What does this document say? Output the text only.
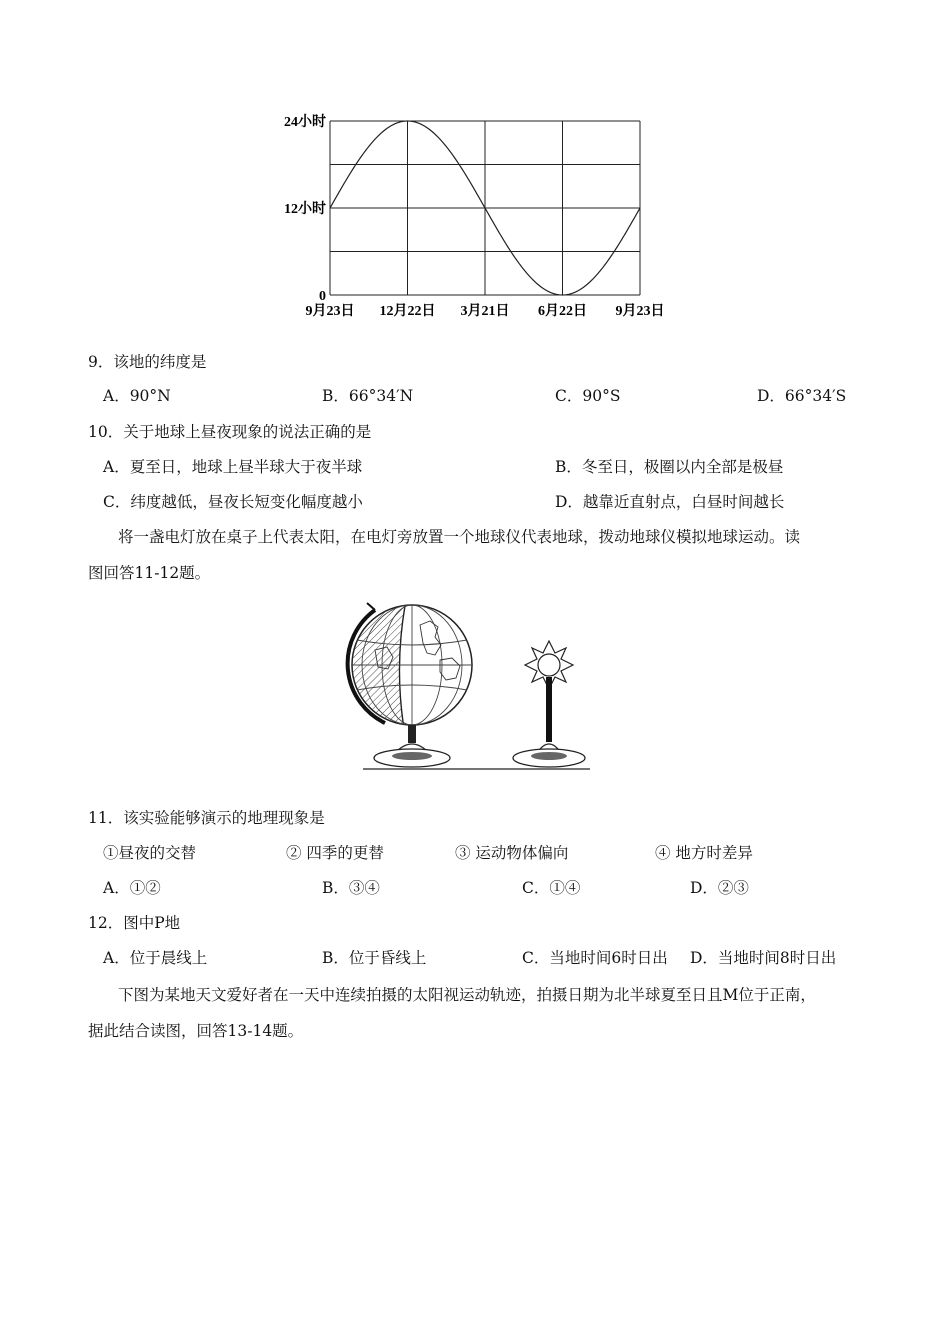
24小时
12小时
0
9月23日 12月22日 3月21日 6月22日 9月23日
9．该地的纬度是
A．90°N	B．66°34′N	C．90°S	D．66°34′S
10．关于地球上昼夜现象的说法正确的是
A．夏至日，地球上昼半球大于夜半球	B．冬至日，极圈以内全部是极昼
C．纬度越低，昼夜长短变化幅度越小	D．越靠近直射点，白昼时间越长
将一盏电灯放在桌子上代表太阳，在电灯旁放置一个地球仪代表地球，拨动地球仪模拟地球运动。读
图回答11-12题。
11．该实验能够演示的地理现象是
①昼夜的交替	② 四季的更替	③ 运动物体偏向	④ 地方时差异
A．①②	B．③④	C．①④	D．②③
12．图中P地
A．位于晨线上	B．位于昏线上	C．当地时间6时日出 D．当地时间8时日出
下图为某地天文爱好者在一天中连续拍摄的太阳视运动轨迹，拍摄日期为北半球夏至日且M位于正南，
据此结合读图，回答13-14题。
